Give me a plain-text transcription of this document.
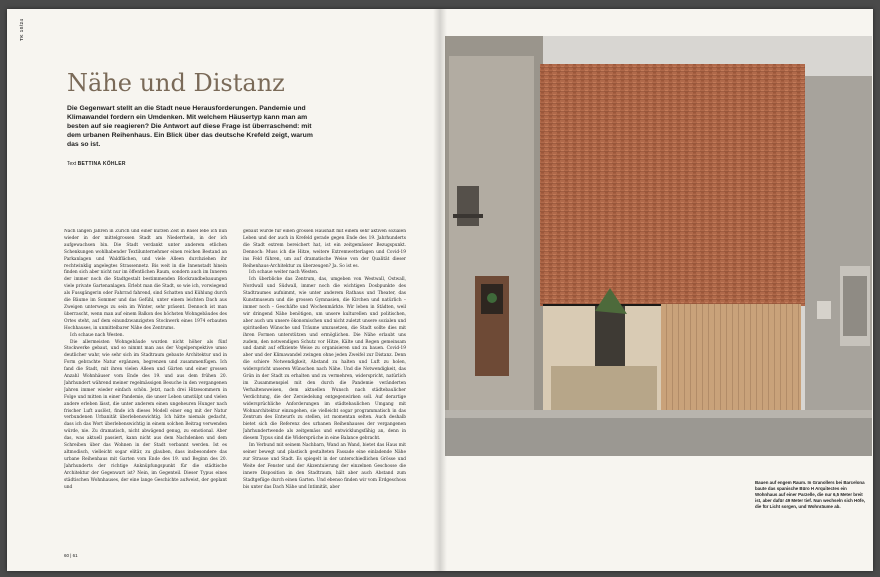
TK 10/24
Nähe und Distanz
Die Gegenwart stellt an die Stadt neue Herausforderungen. Pandemie und Klimawandel fordern ein Umdenken. Mit welchem Häusertyp kann man am besten auf sie reagieren? Die Antwort auf diese Frage ist überraschend: mit dem urbanen Reihenhaus. Ein Blick über das deutsche Krefeld zeigt, warum das so ist.
Text BETTINA KÖHLER

Nach langen Jahren in Zürich und einer kurzen Zeit in Basel lebe ich nun wieder in der mittelgrossen Stadt am Niederrhein, in der ich aufgewachsen bin. Die Stadt verdankt unter anderem etlichen Schenkungen wohlhabender Textilunternehmer einen reichen Bestand an Parkanlagen und Waldflächen, und viele Alleen durchziehen ihr rechtwinklig angelegtes Strassennetz. Bis weit in die Innenstadt hinein finden sich aber nicht nur im öffentlichen Raum, sondern auch im Inneren der immer noch die Stadtgestalt bestimmenden Blockrandbebauungen viele private Gartenanlagen. Erlebt man die Stadt, so wie ich, vorwiegend als Fussgängerin oder Fahrrad fahrend, sind Schatten und Kühlung durch die Bäume im Sommer und das Gefühl, unter einem leichten Dach aus Zweigen unterwegs zu sein im Winter, sehr präsent. Dennoch ist man überrascht, wenn man auf einem Balkon des höchsten Wohngebäudes des Ortes steht, auf dem einundzwanzigsten Stockwerk eines 1974 erbauten Hochhauses, in unmittelbarer Nähe des Zentrums.

Ich schaue nach Westen.

Die allermeisten Wohngebäude wurden nicht höher als fünf Stockwerke gebaut, und so nimmt man aus der Vogelperspektive umso deutlicher wahr, wie sehr sich im Stadtraum gebaute Architektur und in Form gebrachte Natur ergänzen, begrenzen und zusammenfügen. Ich fand die Stadt, mit ihren vielen Alleen und Gärten und einer grossen Anzahl Wohnhäuser vom Ende des 19. und aus dem frühen 20. Jahrhundert während meiner regelmässigen Besuche in den vergangenen Jahren immer wieder einfach schön. Jetzt, nach drei Hitzesommern in Folge und mitten in einer Pandemie, die unser Leben umstülpt und vielen andere erleben lässt, die unter anderem einen ungeheuren Hunger nach frischer Luft auslöst, finde ich dieses Modell einer eng mit der Natur verbundenen Urbanität überlebenswichtig. Ich hätte niemals gedacht, dass ich das Wort überlebenswichtig in einem solchen Beitrag verwenden würde, nie. Zu dramatisch, nicht abwägend genug, zu emotional. Aber das, was aktuell passiert, kann nicht aus dem Nachdenken und dem Schreiben über das Wohnen in der Stadt verbannt werden. Ist es altmodisch, vielleicht sogar elitär, zu glauben, dass insbesondere das urbane Reihenhaus mit Garten vom Ende des 19. und Beginn des 20. Jahrhunderts der richtige Anknüpfungspunkt für die städtische Architektur der Gegenwart ist? Nein, im Gegenteil. Dieser Typus eines städtischen Wohnhauses, der eine lange Geschichte aufweist, der geplant und

gebaut wurde für einen grossen Haushalt mit einem sehr aktiven sozialen Leben und der auch in Krefeld gerade gegen Ende des 19. Jahrhunderts die Stadt extrem bereichert hat, ist ein zeitgemässer Bezugspunkt. Dennoch: Muss ich die Hitze, weitere Extremwetterlagen und Covid-19 ins Feld führen, um auf dramatische Weise von der Qualität dieser Reihenhaus-Architektur zu überzeugen? Ja. So ist es.

Ich schaue weiter nach Westen.

Ich überblicke das Zentrum, das, umgeben von Westwall, Ostwall, Nordwall und Südwall, immer noch die wichtigen Dosbpunkte des Stadtraumes aufnimmt, wie unter anderem Rathaus und Theater, das Kunstmuseum und die grossen Gymnasien, die Kirchen und natürlich – immer noch – Geschäfte und Wochenmärkte. Wir leben in Städten, weil wir dringend Nähe benötigen, um unsere kulturellen und politischen, aber auch um unsere ökonomischen und nicht zuletzt unsere sozialen und spirituellen Wünsche und Träume umzusetzen, die Stadt sollte dies mit ihren Formen unterstützen und ermöglichen. Die Nähe erlaubt uns zudem, den notwendigen Schutz vor Hitze, Kälte und Regen gemeinsam und damit auf effiziente Weise zu organisieren und zu bauen. Covid-19 aber und der Klimawandel zwingen ohne jeden Zweifel zur Distanz. Denn die schiere Notwendigkeit, Abstand zu halten und Luft zu holen, widerspricht unseren Wünschen nach Nähe. Und die Notwendigkeit, das Grün in der Stadt zu erhalten und zu vermehren, widerspricht, natürlich im Zusammenspiel mit den durch die Pandemie veränderten Verhaltensweisen, dem aktuellen Wunsch nach städtebaulicher Verdichtung, die der Zersiedelung entgegenwirken soll. Auf derartige widersprüchliche Anforderungen im städtebaulichen Umgang mit Wohnarchitektur einzugehen, sie vielleicht sogar programmatisch in das Zentrum des Entwurfs zu stellen, ist momentan selten. Auch deshalb bietet sich die Referenz des urbanen Reihenhauses der vergangenen Jahrhundertwende als zeitgemäss und entwicklungsfähig an, denn in diesem Typus sind die Widersprüche in eine Balance gebracht.

Im Verbund mit seinem Nachbarn, Wand an Wand, bietet das Haus mit seiner bewegt und plastisch gestalteten Fassade eine einladende Nähe zur Strasse und Stadt. Es spiegelt in der unterschiedlichen Grösse und Weite der Fenster und der Akzentuierung der einzelnen Geschosse die innere Disposition in den Stadtraum, hält aber auch Abstand zum Stadtgefüge durch einen Garten. Und ebenso finden wir vom Erdgeschoss bis unter das Dach Nähe und Intimität, aber

60 | 61
Bauen auf engem Raum. In Granollers bei Barcelona baute das spanische Büro H Arquitectes ein Wohnhaus auf einer Parzelle, die nur 6,5 Meter breit ist, aber dafür 49 Meter tief. Nun wechseln sich Höfe, die für Licht sorgen, und Wohnräume ab.
